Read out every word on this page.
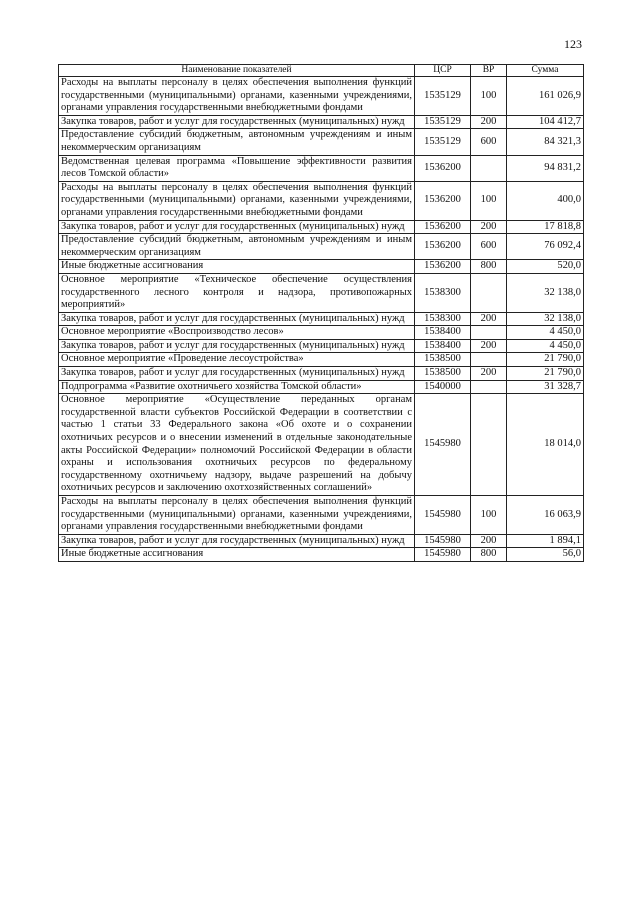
123
Наименование показателей	ЦСР	ВР	Сумма
Расходы на выплаты персоналу в целях обеспечения выполнения функций государственными (муниципальными) органами, казенными учреждениями, органами управления государственными внебюджетными фондами	1535129	100	161 026,9
Закупка товаров, работ и услуг для государственных (муниципальных) нужд	1535129	200	104 412,7
Предоставление субсидий бюджетным, автономным учреждениям и иным некоммерческим организациям	1535129	600	84 321,3
Ведомственная целевая программа «Повышение эффективности развития лесов Томской области»	1536200		94 831,2
Расходы на выплаты персоналу в целях обеспечения выполнения функций государственными (муниципальными) органами, казенными учреждениями, органами управления государственными внебюджетными фондами	1536200	100	400,0
Закупка товаров, работ и услуг для государственных (муниципальных) нужд	1536200	200	17 818,8
Предоставление субсидий бюджетным, автономным учреждениям и иным некоммерческим организациям	1536200	600	76 092,4
Иные бюджетные ассигнования	1536200	800	520,0
Основное мероприятие «Техническое обеспечение осуществления государственного лесного контроля и надзора, противопожарных мероприятий»	1538300		32 138,0
Закупка товаров, работ и услуг для государственных (муниципальных) нужд	1538300	200	32 138,0
Основное мероприятие «Воспроизводство лесов»	1538400		4 450,0
Закупка товаров, работ и услуг для государственных (муниципальных) нужд	1538400	200	4 450,0
Основное мероприятие «Проведение лесоустройства»	1538500		21 790,0
Закупка товаров, работ и услуг для государственных (муниципальных) нужд	1538500	200	21 790,0
Подпрограмма «Развитие охотничьего хозяйства Томской области»	1540000		31 328,7
Основное мероприятие «Осуществление переданных органам государственной власти субъектов Российской Федерации в соответствии с частью 1 статьи 33 Федерального закона «Об охоте и о сохранении охотничьих ресурсов и о внесении изменений в отдельные законодательные акты Российской Федерации» полномочий Российской Федерации в области охраны и использования охотничьих ресурсов по федеральному государственному охотничьему надзору, выдаче разрешений на добычу охотничьих ресурсов и заключению охотхозяйственных соглашений»	1545980		18 014,0
Расходы на выплаты персоналу в целях обеспечения выполнения функций государственными (муниципальными) органами, казенными учреждениями, органами управления государственными внебюджетными фондами	1545980	100	16 063,9
Закупка товаров, работ и услуг для государственных (муниципальных) нужд	1545980	200	1 894,1
Иные бюджетные ассигнования	1545980	800	56,0
